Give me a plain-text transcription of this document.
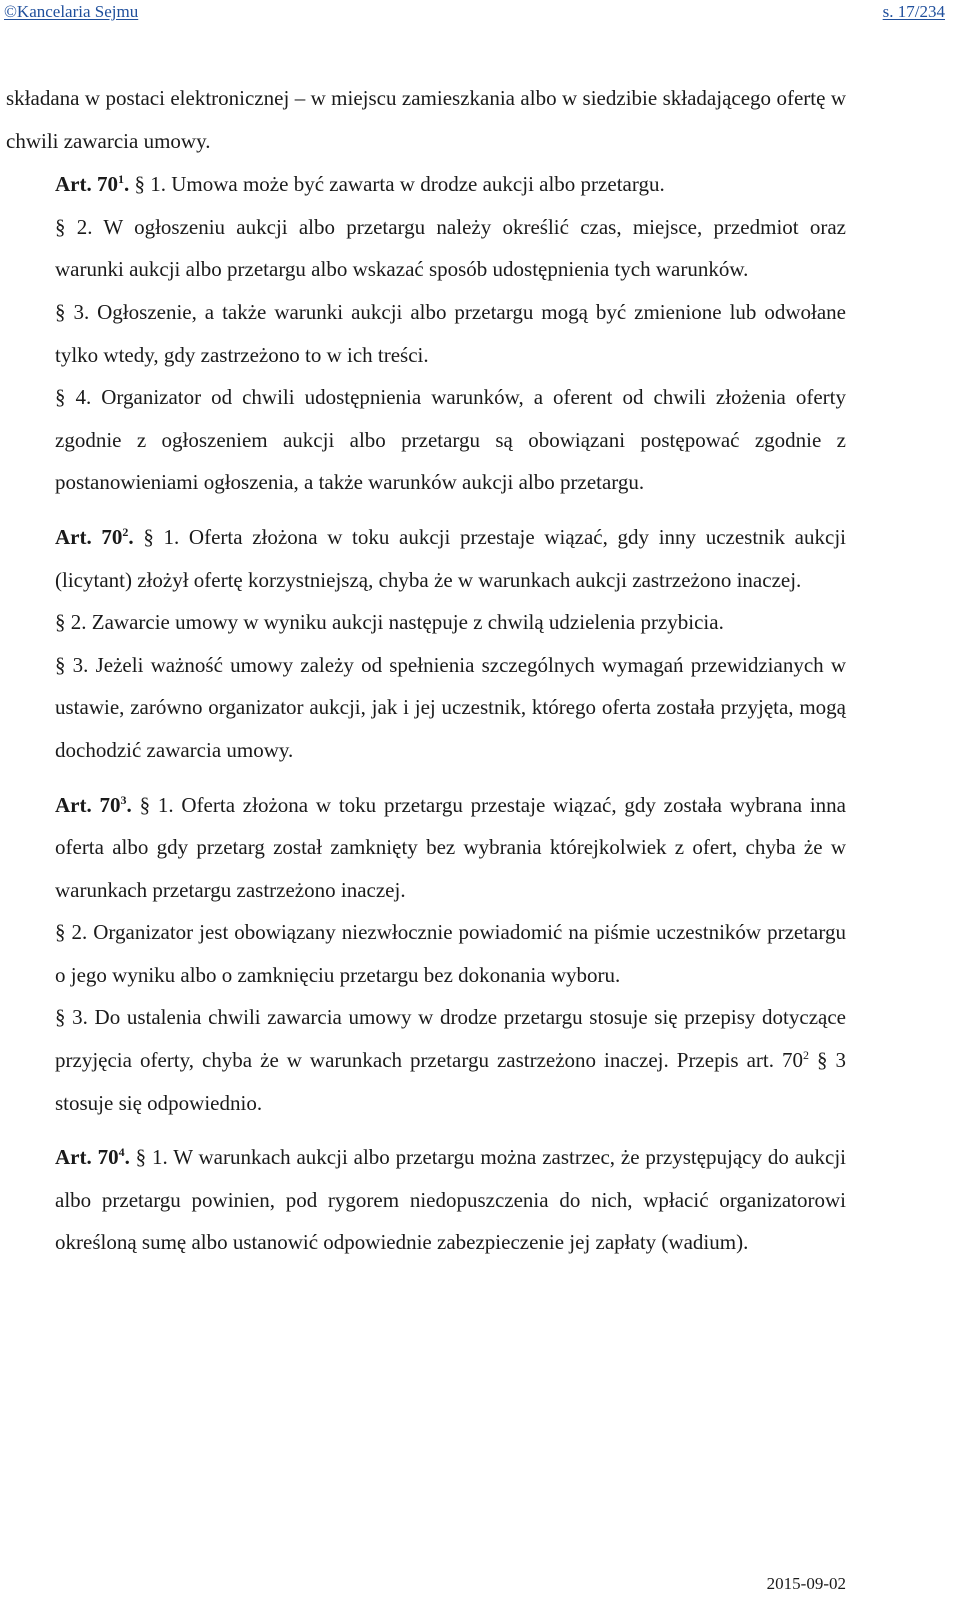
©Kancelaria Sejmu	s. 17/234

składana w postaci elektronicznej – w miejscu zamieszkania albo w siedzibie składającego ofertę w chwili zawarcia umowy.

Art. $70^1$. § 1. Umowa może być zawarta w drodze aukcji albo przetargu.

§ 2. W ogłoszeniu aukcji albo przetargu należy określić czas, miejsce, przedmiot oraz warunki aukcji albo przetargu albo wskazać sposób udostępnienia tych warunków.

§ 3. Ogłoszenie, a także warunki aukcji albo przetargu mogą być zmienione lub odwołane tylko wtedy, gdy zastrzeżono to w ich treści.

§ 4. Organizator od chwili udostępnienia warunków, a oferent od chwili złożenia oferty zgodnie z ogłoszeniem aukcji albo przetargu są obowiązani postępować zgodnie z postanowieniami ogłoszenia, a także warunków aukcji albo przetargu.

Art. $70^2$. § 1. Oferta złożona w toku aukcji przestaje wiązać, gdy inny uczestnik aukcji (licytant) złożył ofertę korzystniejszą, chyba że w warunkach aukcji zastrzeżono inaczej.

§ 2. Zawarcie umowy w wyniku aukcji następuje z chwilą udzielenia przybicia.

§ 3. Jeżeli ważność umowy zależy od spełnienia szczególnych wymagań przewidzianych w ustawie, zarówno organizator aukcji, jak i jej uczestnik, którego oferta została przyjęta, mogą dochodzić zawarcia umowy.

Art. $70^3$. § 1. Oferta złożona w toku przetargu przestaje wiązać, gdy została wybrana inna oferta albo gdy przetarg został zamknięty bez wybrania którejkolwiek z ofert, chyba że w warunkach przetargu zastrzeżono inaczej.

§ 2. Organizator jest obowiązany niezwłocznie powiadomić na piśmie uczestników przetargu o jego wyniku albo o zamknięciu przetargu bez dokonania wyboru.

§ 3. Do ustalenia chwili zawarcia umowy w drodze przetargu stosuje się przepisy dotyczące przyjęcia oferty, chyba że w warunkach przetargu zastrzeżono inaczej. Przepis art. $70^2$ § 3 stosuje się odpowiednio.

Art. $70^4$. § 1. W warunkach aukcji albo przetargu można zastrzec, że przystępujący do aukcji albo przetargu powinien, pod rygorem niedopuszczenia do nich, wpłacić organizatorowi określoną sumę albo ustanowić odpowiednie zabezpieczenie jej zapłaty (wadium).

2015-09-02
